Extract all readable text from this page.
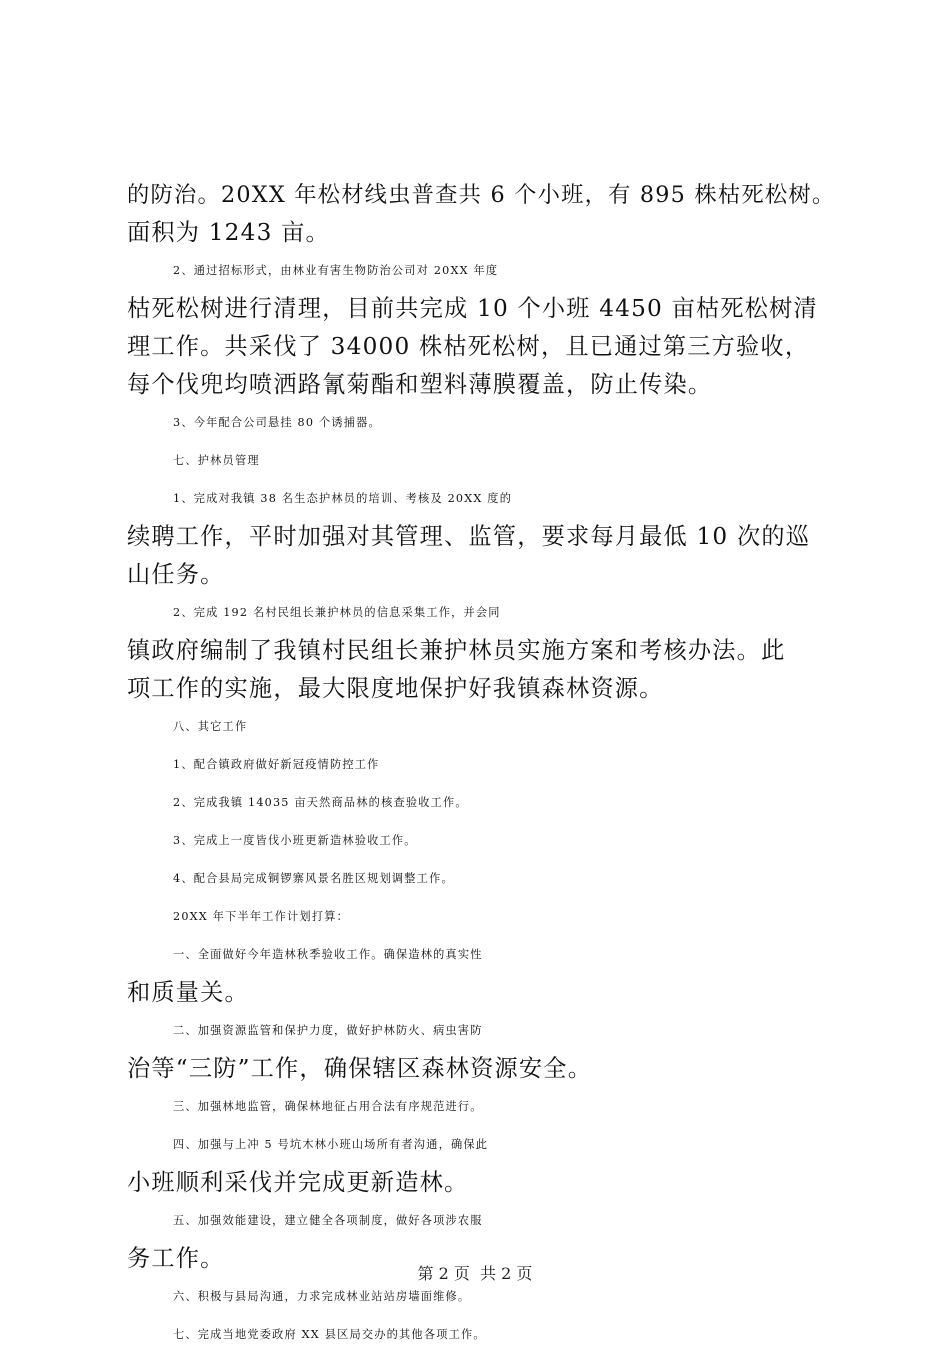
的防治。20XX 年松材线虫普查共 6 个小班，有 895 株枯死松树。
面积为 1243 亩。
2、通过招标形式，由林业有害生物防治公司对 20XX 年度
枯死松树进行清理，目前共完成 10 个小班 4450 亩枯死松树清
理工作。共采伐了 34000 株枯死松树，且已通过第三方验收，
每个伐兜均喷洒路氰菊酯和塑料薄膜覆盖，防止传染。
3、今年配合公司悬挂 80 个诱捕器。
七、护林员管理
1、完成对我镇 38 名生态护林员的培训、考核及 20XX 度的
续聘工作，平时加强对其管理、监管，要求每月最低 10 次的巡
山任务。
2、完成 192 名村民组长兼护林员的信息采集工作，并会同
镇政府编制了我镇村民组长兼护林员实施方案和考核办法。此
项工作的实施，最大限度地保护好我镇森林资源。
八、其它工作
1、配合镇政府做好新冠疫情防控工作
2、完成我镇 14035 亩天然商品林的核查验收工作。
3、完成上一度皆伐小班更新造林验收工作。
4、配合县局完成铜锣寨风景名胜区规划调整工作。
20XX 年下半年工作计划打算：
一、全面做好今年造林秋季验收工作。确保造林的真实性
和质量关。
二、加强资源监管和保护力度，做好护林防火、病虫害防
治等“三防”工作，确保辖区森林资源安全。
三、加强林地监管，确保林地征占用合法有序规范进行。
四、加强与上冲 5 号坑木林小班山场所有者沟通，确保此
小班顺利采伐并完成更新造林。
五、加强效能建设，建立健全各项制度，做好各项涉农服
务工作。
六、积极与县局沟通，力求完成林业站站房墙面维修。
七、完成当地党委政府 XX 县区局交办的其他各项工作。
第 2 页  共 2 页
